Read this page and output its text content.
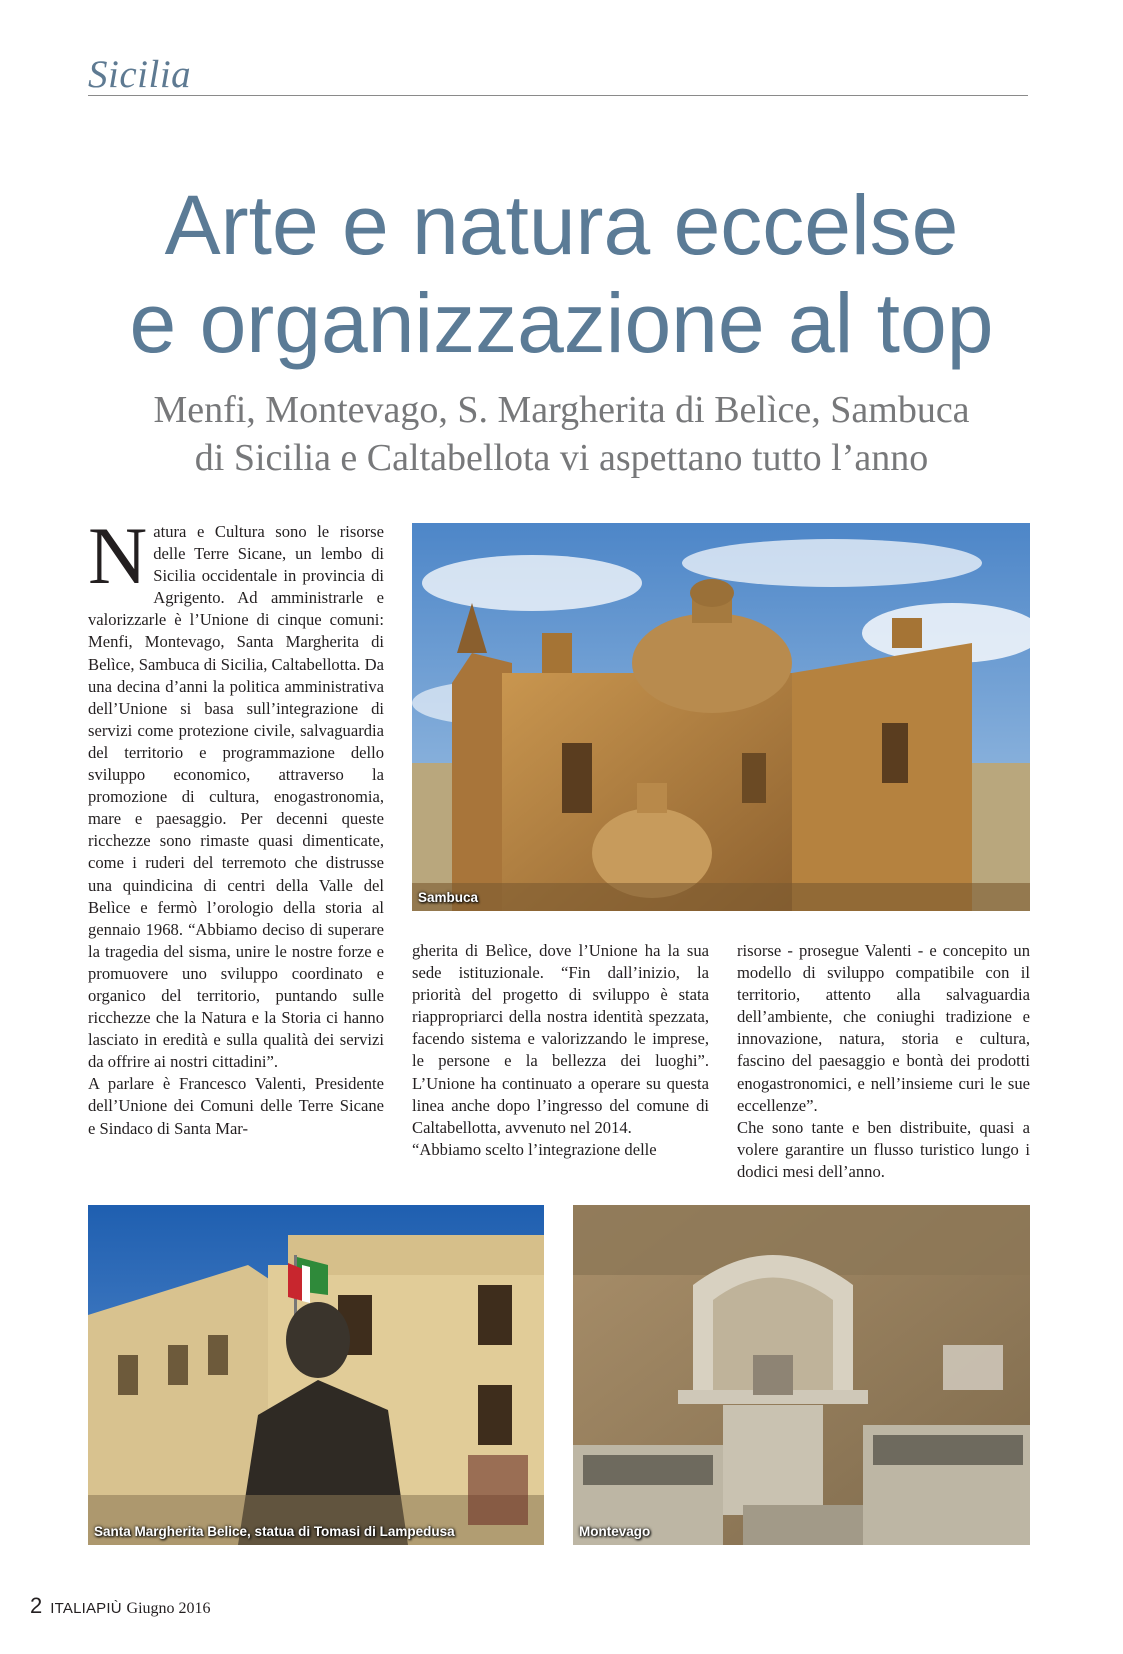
Sicilia
Arte e natura eccelse
e organizzazione al top
Menfi, Montevago, S. Margherita di Belìce, Sambuca
di Sicilia e Caltabellota vi aspettano tutto l’anno

Natura e Cultura sono le risorse delle Terre Sicane, un lembo di Sicilia occidentale in provincia di Agrigento. Ad amministrarle e valorizzarle è l’Unione di cinque comuni: Menfi, Montevago, Santa Margherita di Belìce, Sambuca di Sicilia, Caltabellotta. Da una decina d’anni la politica amministrativa dell’Unione si basa sull’integrazione di servizi come protezione civile, salvaguardia del territorio e programmazione dello sviluppo economico, attraverso la promozione di cultura, enogastronomia, mare e paesaggio. Per decenni queste ricchezze sono rimaste quasi dimenticate, come i ruderi del terremoto che distrusse una quindicina di centri della Valle del Belìce e fermò l’orologio della storia al gennaio 1968. “Abbiamo deciso di superare la tragedia del sisma, unire le nostre forze e promuovere uno sviluppo coordinato e organico del territorio, puntando sulle ricchezze che la Natura e la Storia ci hanno lasciato in eredità e sulla qualità dei servizi da offrire ai nostri cittadini”.

A parlare è Francesco Valenti, Presidente dell’Unione dei Comuni delle Terre Sicane e Sindaco di Santa Mar-

gherita di Belìce, dove l’Unione ha la sua sede istituzionale. “Fin dall’inizio, la priorità del progetto di sviluppo è stata riappropriarci della nostra identità spezzata, facendo sistema e valorizzando le imprese, le persone e la bellezza dei luoghi”. L’Unione ha continuato a operare su questa linea anche dopo l’ingresso del comune di Caltabellotta, avvenuto nel 2014.

“Abbiamo scelto l’integrazione delle

risorse - prosegue Valenti - e concepito un modello di sviluppo compatibile con il territorio, attento alla salvaguardia dell’ambiente, che coniughi tradizione e innovazione, natura, storia e cultura, fascino del paesaggio e bontà dei prodotti enogastronomici, e nell’insieme curi le sue eccellenze”.

Che sono tante e ben distribuite, quasi a volere garantire un flusso turistico lungo i dodici mesi dell’anno.

Sambuca
Santa Margherita Belice, statua di Tomasi di Lampedusa	Montevago
2 ITALIAPIÙ Giugno 2016
